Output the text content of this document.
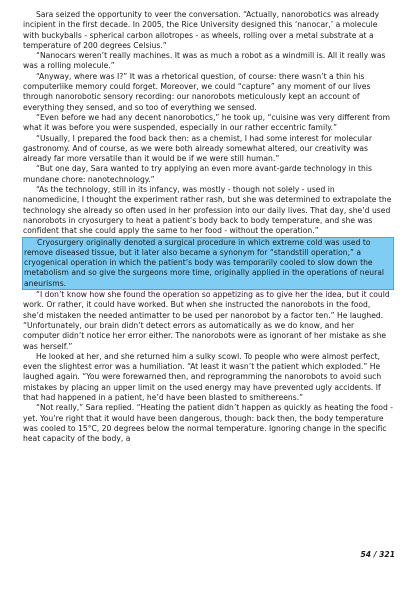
Sara seized the opportunity to veer the conversation. “Actually, nanorobotics was already incipient in the first decade. In 2005, the Rice University designed this ‘nanocar,’ a molecule with buckyballs - spherical carbon allotropes - as wheels, rolling over a metal substrate at a temperature of 200 degrees Celsius.”

“Nanocars weren’t really machines. It was as much a robot as a windmill is. All it really was was a rolling molecule.”

“Anyway, where was I?” It was a rhetorical question, of course: there wasn’t a thin his computerlike memory could forget. Moreover, we could “capture” any moment of our lives through nanorobotic sensory recording: our nanorobots meticulously kept an account of everything they sensed, and so too of everything we sensed.

“Even before we had any decent nanorobotics,” he took up, “cuisine was very different from what it was before you were suspended, especially in our rather eccentric family.”

“Usually, I prepared the food back then: as a chemist, I had some interest for molecular gastronomy. And of course, as we were both already somewhat altered, our creativity was already far more versatile than it would be if we were still human.”

“But one day, Sara wanted to try applying an even more avant-garde technology in this mundane chore: nanotechnology.”

“As the technology, still in its infancy, was mostly - though not solely - used in nanomedicine, I thought the experiment rather rash, but she was determined to extrapolate the technology she already so often used in her profession into our daily lives. That day, she’d used nanorobots in cryosurgery to heat a patient’s body back to body temperature, and she was confident that she could apply the same to her food - without the operation.”

Cryosurgery originally denoted a surgical procedure in which extreme cold was used to remove diseased tissue, but it later also became a synonym for “standstill operation,” a cryogenical operation in which the patient’s body was temporarily cooled to slow down the metabolism and so give the surgeons more time, originally applied in the operations of neural aneurisms.

“I don’t know how she found the operation so appetizing as to give her the idea, but it could work. Or rather, it could have worked. But when she instructed the nanorobots in the food, she’d mistaken the needed antimatter to be used per nanorobot by a factor ten.” He laughed. “Unfortunately, our brain didn’t detect errors as automatically as we do know, and her computer didn’t notice her error either. The nanorobots were as ignorant of her mistake as she was herself.”

He looked at her, and she returned him a sulky scowl. To people who were almost perfect, even the slightest error was a humiliation. “At least it wasn’t the patient which exploded.” He laughed again. “You were forewarned then, and reprogramming the nanorobots to avoid such mistakes by placing an upper limit on the used energy may have prevented ugly accidents. If that had happened in a patient, he’d have been blasted to smithereens.”

“Not really,” Sara replied. “Heating the patient didn’t happen as quickly as heating the food - yet. You’re right that it would have been dangerous, though: back then, the body temperature was cooled to 15°C, 20 degrees below the normal temperature. Ignoring change in the specific heat capacity of the body, a

54 / 321
